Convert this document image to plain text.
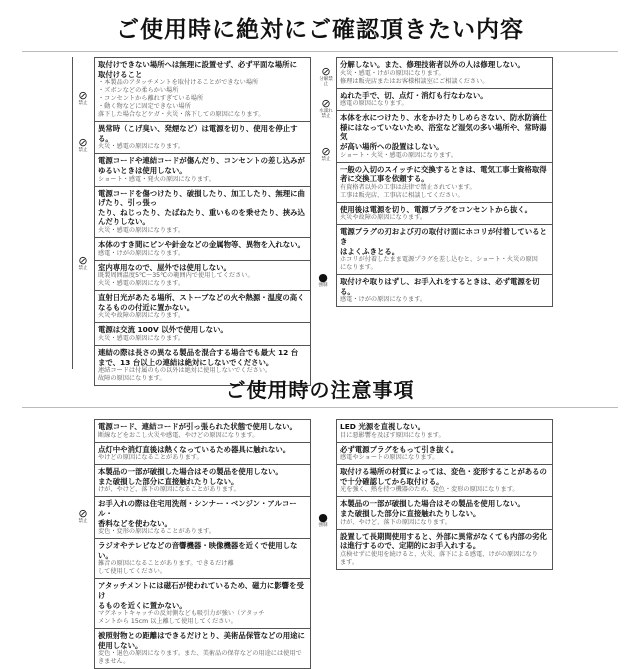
ご使用時に絶対にご確認頂きたい内容
⊘
禁止
⊘
禁止
⊘
禁止
⊘
分解禁止
⊘
水濡れ禁止
⊘
禁止
●
強制
取付けできない場所へは無理に設置せず、必ず平面な場所に
取付けること
・本製品のアタッチメントを取付けることができない場所
・ズボンなどの柔らかい場所
・コンセントから離れすぎている場所
・動く物などに固定できない場所
落下した場合などケガ・火災・落下しての原因になります。

異常時（こげ臭い、発煙など）は電源を切り、使用を停止する。
火災・感電の原因になります。

電源コードや連結コードが傷んだり、コンセントの差し込みが
ゆるいときは使用しない。
ショート・感電・発火の原因になります。

電源コードを傷つけたり、破損したり、加工したり、無理に曲げたり、引っ張っ
たり、ねじったり、たばねたり、重いものを乗せたり、挟み込んだりしない。
火災・感電の原因になります。

本体のすき間にピンや針金などの金属物等、異物を入れない。
感電・けがの原因になります。

室内専用なので、屋外では使用しない。
既製周囲温度5℃〜35℃の範囲内で使用してください。
火災・感電の原因になります。

直射日光があたる場所、ストーブなどの火や熱源・温度の高く
なるものの付近に置かない。
火災や故障の原因になります。

電源は交流 100V 以外で使用しない。
火災・感電の原因になります。

連結の際は長さの異なる製品を混合する場合でも最大 12 台
まで、13 台以上の連結は絶対にしないでください。
連結コードは付属のもの以外は絶対に使用しないでください。
故障の原因になります。
分解しない。また、修理技術者以外の人は修理しない。
火災・感電・けがの原因になります。
修理は販売店またはお客様相談室にご相談ください。

ぬれた手で、切、点灯・消灯も行なわない。
感電の原因になります。

本体を水につけたり、水をかけたりしめらさない、防水防滴仕
様にはなっていないため、浴室など湿気の多い場所や、常時湯気
が高い場所への設置はしない。
ショート・火災・感電の原因になります。

一般の入切のスイッチに交換するときは、電気工事士資格取得
者に交換工事を依頼する。
有資格者以外の工事は法律で禁止されています。
工事は販売店、工事店に相談してください。

使用後は電源を切り、電源プラグをコンセントから抜く。
火災や故障の原因になります。

電源プラグの刃および刃の取付け面にホコリが付着しているとき
はよくふきとる。
ホコリが付着したまま電源プラグを差し込むと、ショート・火災の原因
になります。

取付けや取りはずし、お手入れをするときは、必ず電源を切る。
感電・けがの原因になります。
ご使用時の注意事項
⊘
禁止	●
強制
電源コード、連結コードが引っ張られた状態で使用しない。
断線などをおこし火災や感電、やけどの原因になります。

点灯中や消灯直後は熱くなっているため器具に触れない。
やけどの原因になることがあります。

本製品の一部が破損した場合はその製品を使用しない。
また破損した部分に直接触れたりしない。
けが、やけど、落下の原因になることがあります。

お手入れの際は住宅用洗剤・シンナー・ベンジン・アルコール・
香料などを使わない。
変色・変形の原因になることがあります。

ラジオやテレビなどの音響機器・映像機器を近くで使用しない。
雑音の原因になることがあります。できるだけ離
して使用してください。

アタッチメントには磁石が使われているため、磁力に影響を受け
るものを近くに置かない。
マグネットキャッチの反対側なども吸引力が強い（アタッチ
メントから 15cm 以上離して使用してください。

被照射物との距離はできるだけとり、美術品保管などの用途に使用しない。
変色・退色の原因になります。また、美術品の保存などの用途には使用できません。
LED 光源を直視しない。
目に悪影響を及ぼす原因になります。

必ず電源プラグをもって引き抜く。
感電やショートの原因になります。

取付ける場所の材質によっては、変色・変形することがあるの
で十分確認してから取付ける。
光を強く、熱を持つ機器のため、変色・変形の原因になります。

本製品の一部が破損した場合はその製品を使用しない。
また破損した部分に直接触れたりしない。
けが、やけど、落下の原因になります。

設置して長期間使用すると、外部に異常がなくても内部の劣化
は進行するので、定期的にお手入れする。
点検せずに使用を続けると、火災、落下による感電、けがの原因になり
ます。
